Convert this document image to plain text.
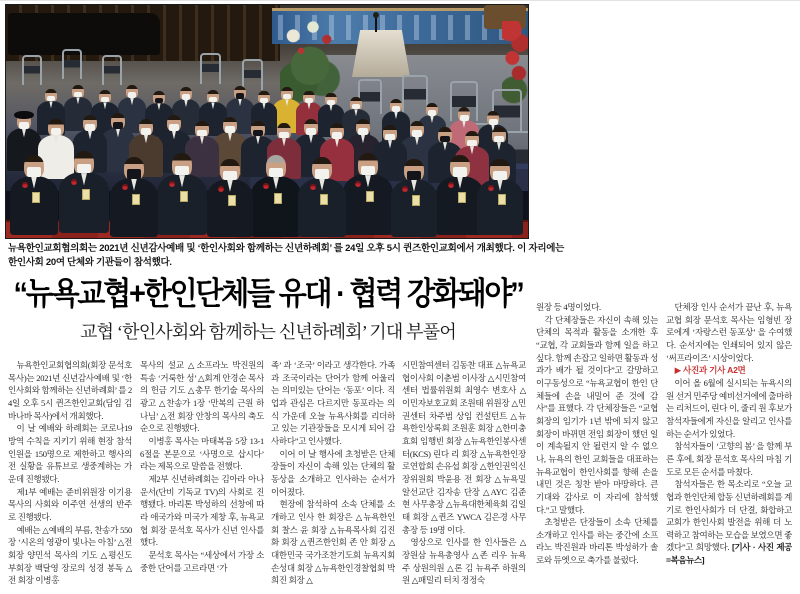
뉴욕한인교회협의회는 2021년 신년감사예배 및 ‘한인사회와 함께하는 신년하례회’ 를 24일 오후 5시 퀸즈한인교회에서 개최했다. 이 자리에는 한인사회 20여 단체와 기관들이 참석했다.
“뉴욕교협+한인단체들 유대 · 협력 강화돼야”
교협 ‘한인사회와 함께하는 신년하례회’ 기대 부풀어

뉴욕한인교회협의회(회장 문석호 목사)는 2021년 신년감사예배 및 ‘한인사회와 함께하는 신년하례회’ 를 24일 오후 5시 퀸즈한인교회(담임 김바나바 목사)에서 개최했다.

이 날 예배와 하례회는 코로나19 방역 수칙을 지키기 위해 현장 참석 인원을 150명으로 제한하고 행사의 전 실황을 유튜브로 생중계하는 가운데 진행됐다.

제1부 예배는 준비위원장 이기용 목사의 사회와 이주연 선생의 반주로 진행됐다.

예배는 △예배의 부름, 찬송가 550장 ‘시온의 영광이 빛나는 아침’ △전 회장 양민석 목사의 기도 △평신도 부회장 백달영 장로의 성경 봉독 △전 회장 이병홍

목사의 설교 △소프라노 박진원의 특송 ‘거룩한 성’ △회계 안경순 목사의 헌금 기도 △총무 한기술 목사의 광고 △찬송가 1장 ‘만복의 근원 하나님’ △전 회장 안창의 목사의 축도 순으로 진행됐다.

이병홍 목사는 마태복음 5장 13-16절을 본문으로 ‘사명으로 삽시다’ 라는 제목으로 말씀을 전했다.

제2부 신년하례회는 김아라 아나운서(단비 기독교 TV)의 사회로 진행됐다. 바리톤 박성하의 선창에 따라 애국가와 미국가 제창 후, 뉴욕교협 회장 문석호 목사가 신년 인사를 했다.

문석호 목사는 “세상에서 가장 소중한 단어를 고르라면 ‘가

족’ 과 ‘조국’ 이라고 생각한다. 가족과 조국이라는 단어가 함께 어울리는 의미있는 단어는 ‘동포’ 이다. 직업과 관심은 다르지만 동포라는 의식 가운데 오늘 뉴욕사회를 리더하고 있는 기관장들을 모시게 되어 감사하다”고 인사했다.

이어 이 날 행사에 초청받은 단체장들이 자신이 속해 있는 단체의 활동상을 소개하고 인사하는 순서가 이어졌다.

현장에 참석하여 소속 단체를 소개하고 인사 한 회장은 △뉴욕한인회 찰스 윤 회장 △뉴욕목사회 김진화 회장 △퀸즈한인회 존 안 회장 △대한민국 국가조찬기도회 뉴욕지회 손성대 회장 △뉴욕한인경찰협회 박희진 회장 △

시민참여센터 김동찬 대표 △뉴욕교협이사회 이춘범 이사장 △시민참여센터 법률위원회 최영수 변호사 △이민자보호교회 조원태 위원장 △민권센터 차주범 상임 컨설턴트 △뉴욕한인상록회 조원훈 회장 △한미충효회 임행빈 회장 △뉴욕한인봉사센터(KCS) 린다 리 회장 △뉴욕한인장로연합회 손유섭 회장 △한인권익신장위원회 박윤용 전 회장 △뉴욕밀알선교단 김자송 단장 △AYC 김준현 사무총장 △뉴욕대한체육회 김일태 회장 △퀸즈 YWCA 김은경 사무총장 등 19명 이다.

영상으로 인사를 한 인사들은 △장원삼 뉴욕총영사 △존 리우 뉴욕주 상원의원 △론 김 뉴욕주 하원의원 △패밀리 터치 정정숙

원장 등 4명이었다.

각 단체장들은 자신이 속해 있는 단체의 목적과 활동을 소개한 후 “교협, 각 교회들과 함께 일을 하고 싶다. 함께 손잡고 일하면 활동과 성과가 배가 될 것이다”고 갈망하고 이구동성으로 “뉴욕교협이 한인 단체들에 손을 내밀어 준 것에 감사”를 표했다. 각 단체장들은 “교협회장의 임기가 1년 밖에 되지 않고 회장이 바뀌면 전임 회장이 했던 일이 계속될지 안 될런지 알 수 없으나, 뉴욕의 한인 교회들을 대표하는 뉴욕교협이 한인사회를 향해 손을 내민 것은 칭찬 받아 마땅하다. 큰 기대와 감사로 이 자리에 참석했다.”고 말했다.

초청받은 단장들이 소속 단체를 소개하고 인사를 하는 중간에 소프라노 박진원과 바리톤 박성하가 솔로와 듀엣으로 축가를 불렀다.

단체장 인사 순서가 끝난 후, 뉴욕교협 회장 문석호 목사는 임형빈 장로에게 ‘자랑스런 동포상’ 을 수여했다. 순서지에는 인쇄되어 있지 않은 ‘써프라이즈’ 시상이었다.

▶ 사진과 기사 A2면

이어 올 6월에 실시되는 뉴욕시의원 선거 민주당 예비선거에에 출마하는 리처드이, 린다 이, 줄리 원 후보가 참석자들에게 자신을 알리고 인사를 하는 순서가 있었다.

참석자들이 ‘고향의 봄’ 을 함께 부른 후에, 회장 문석호 목사의 마침 기도로 모든 순서를 마쳤다.

참석자들은 한 목소리로 “오늘 교협과 한인단체 합동 신년하례회를 계기로 한인사회가 더 단결, 화합하고 교회가 한인사회 발전을 위해 더 노력하고 참여하는 모습을 보였으면 좋겠다”고 희망했다. [기사 · 사진 제공=복음뉴스]
